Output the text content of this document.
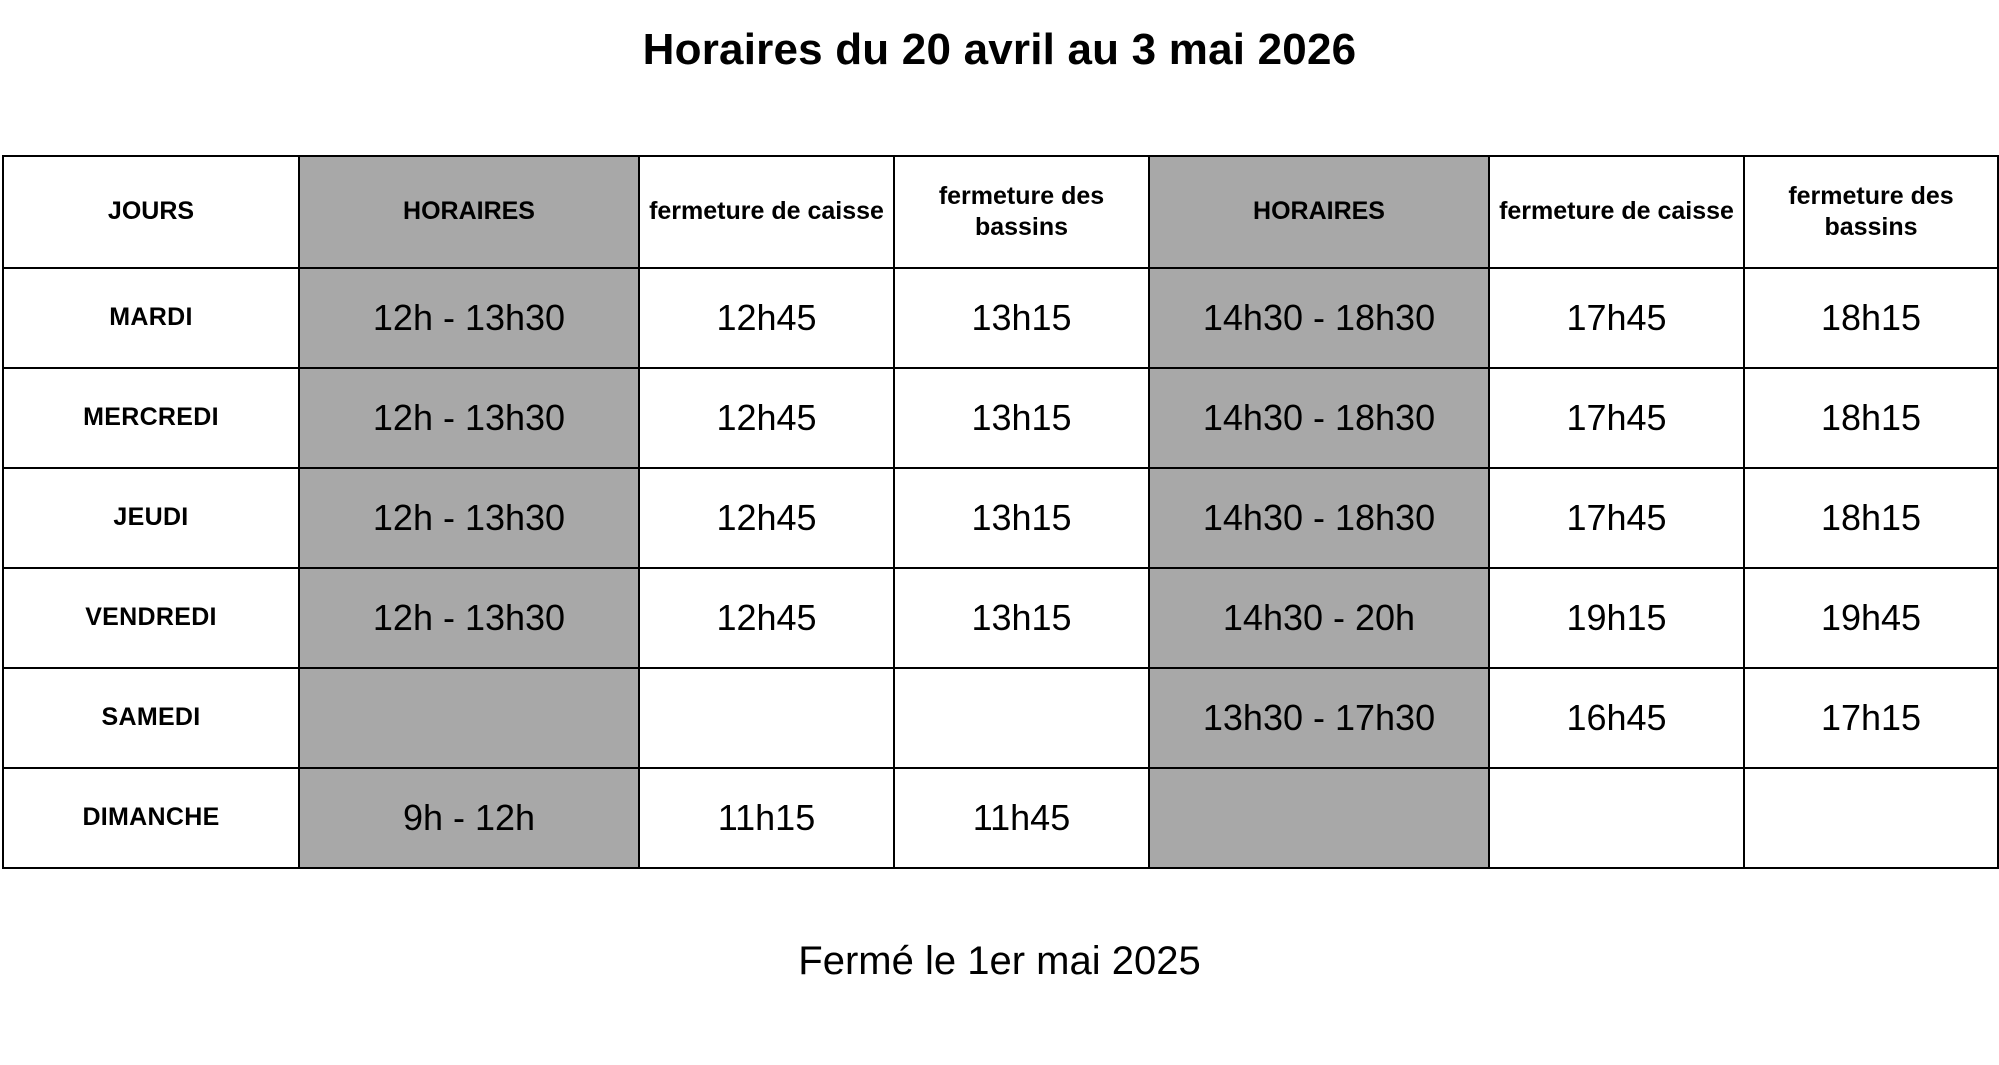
Horaires du 20 avril au 3 mai 2026
JOURS	HORAIRES	fermeture de caisse	fermeture des bassins	HORAIRES	fermeture de caisse	fermeture des bassins
MARDI	12h - 13h30	12h45	13h15	14h30 - 18h30	17h45	18h15
MERCREDI	12h - 13h30	12h45	13h15	14h30 - 18h30	17h45	18h15
JEUDI	12h - 13h30	12h45	13h15	14h30 - 18h30	17h45	18h15
VENDREDI	12h - 13h30	12h45	13h15	14h30 - 20h	19h15	19h45
SAMEDI				13h30 - 17h30	16h45	17h15
DIMANCHE	9h - 12h	11h15	11h45			
Fermé le 1er mai 2025
